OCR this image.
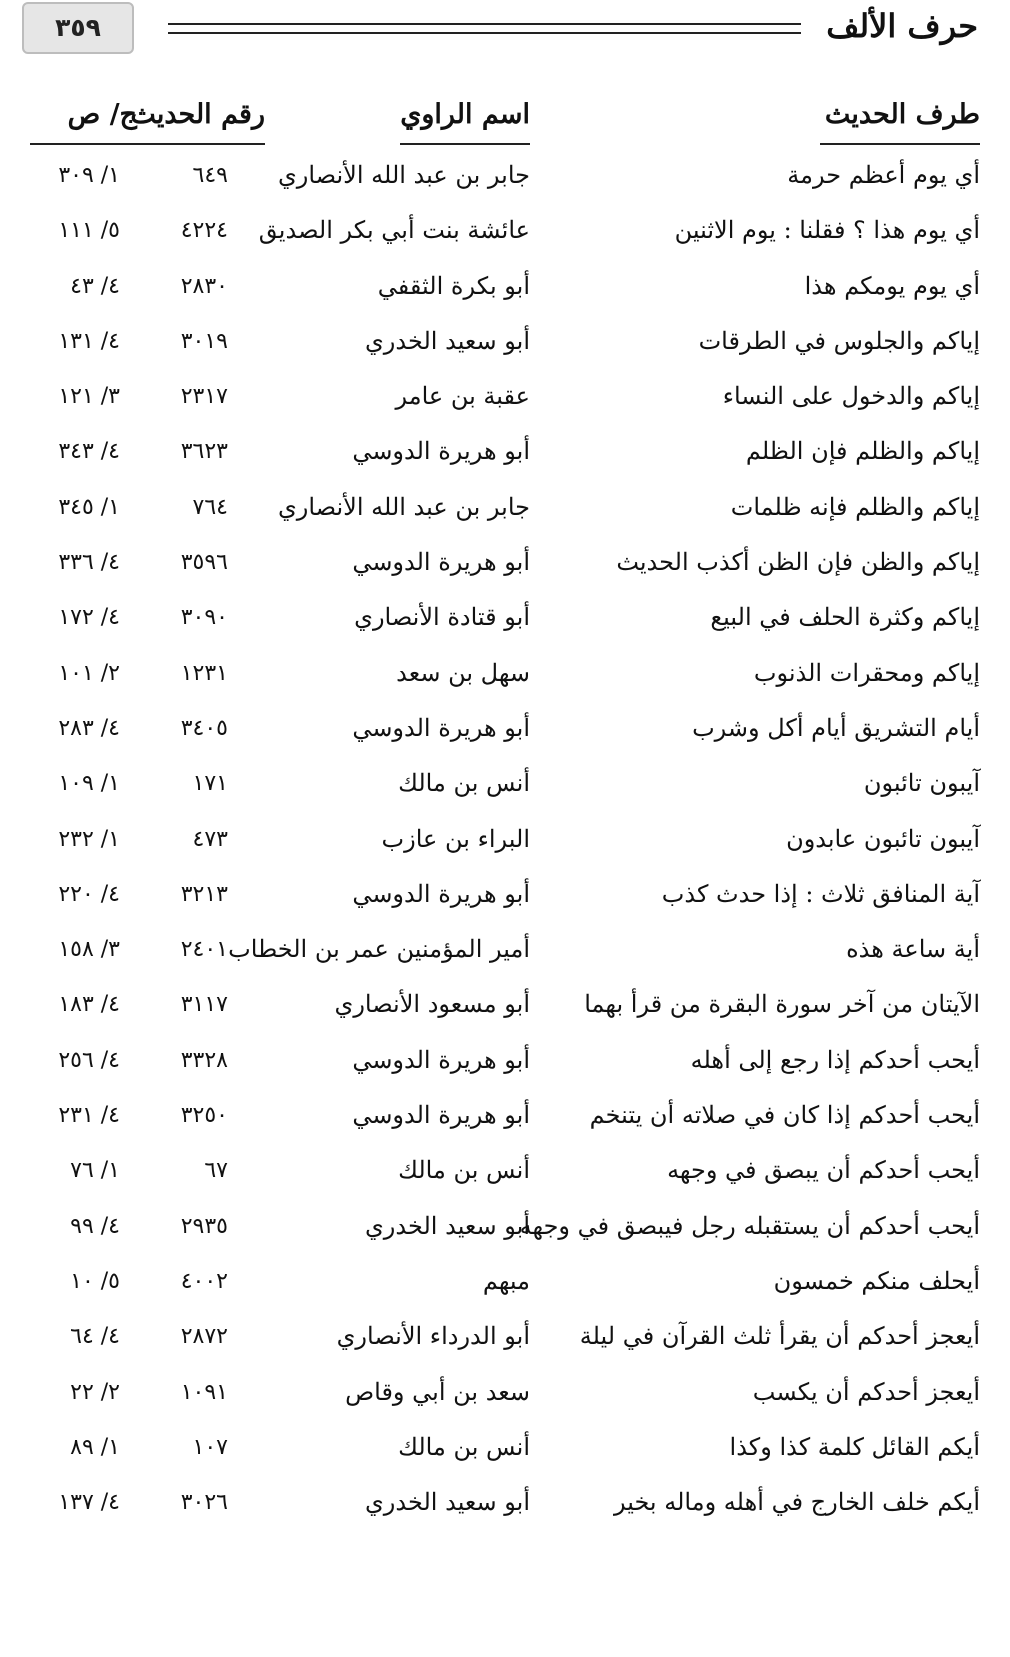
٣٥٩	حرف الألف
طرف الحديث
اسم الراوي
رقم الحديث
ج/ ص
أي يوم أعظم حرمة
جابر بن عبد الله الأنصاري
٦٤٩
١/ ٣٠٩
أي يوم هذا ؟ فقلنا : يوم الاثنين
عائشة بنت أبي بكر الصديق
٤٢٢٤
٥/ ١١١
أي يوم يومكم هذا
أبو بكرة الثقفي
٢٨٣٠
٤/ ٤٣
إياكم والجلوس في الطرقات
أبو سعيد الخدري
٣٠١٩
٤/ ١٣١
إياكم والدخول على النساء
عقبة بن عامر
٢٣١٧
٣/ ١٢١
إياكم والظلم فإن الظلم
أبو هريرة الدوسي
٣٦٢٣
٤/ ٣٤٣
إياكم والظلم فإنه ظلمات
جابر بن عبد الله الأنصاري
٧٦٤
١/ ٣٤٥
إياكم والظن فإن الظن أكذب الحديث
أبو هريرة الدوسي
٣٥٩٦
٤/ ٣٣٦
إياكم وكثرة الحلف في البيع
أبو قتادة الأنصاري
٣٠٩٠
٤/ ١٧٢
إياكم ومحقرات الذنوب
سهل بن سعد
١٢٣١
٢/ ١٠١
أيام التشريق أيام أكل وشرب
أبو هريرة الدوسي
٣٤٠٥
٤/ ٢٨٣
آيبون تائبون
أنس بن مالك
١٧١
١/ ١٠٩
آيبون تائبون عابدون
البراء بن عازب
٤٧٣
١/ ٢٣٢
آية المنافق ثلاث : إذا حدث كذب
أبو هريرة الدوسي
٣٢١٣
٤/ ٢٢٠
أية ساعة هذه
أمير المؤمنين عمر بن الخطاب
٢٤٠١
٣/ ١٥٨
الآيتان من آخر سورة البقرة من قرأ بهما
أبو مسعود الأنصاري
٣١١٧
٤/ ١٨٣
أيحب أحدكم إذا رجع إلى أهله
أبو هريرة الدوسي
٣٣٢٨
٤/ ٢٥٦
أيحب أحدكم إذا كان في صلاته أن يتنخم
أبو هريرة الدوسي
٣٢٥٠
٤/ ٢٣١
أيحب أحدكم أن يبصق في وجهه
أنس بن مالك
٦٧
١/ ٧٦
أيحب أحدكم أن يستقبله رجل فيبصق في وجهه
أبو سعيد الخدري
٢٩٣٥
٤/ ٩٩
أيحلف منكم خمسون
مبهم
٤٠٠٢
٥/ ١٠
أيعجز أحدكم أن يقرأ ثلث القرآن في ليلة
أبو الدرداء الأنصاري
٢٨٧٢
٤/ ٦٤
أيعجز أحدكم أن يكسب
سعد بن أبي وقاص
١٠٩١
٢/ ٢٢
أيكم القائل كلمة كذا وكذا
أنس بن مالك
١٠٧
١/ ٨٩
أيكم خلف الخارج في أهله وماله بخير
أبو سعيد الخدري
٣٠٢٦
٤/ ١٣٧
